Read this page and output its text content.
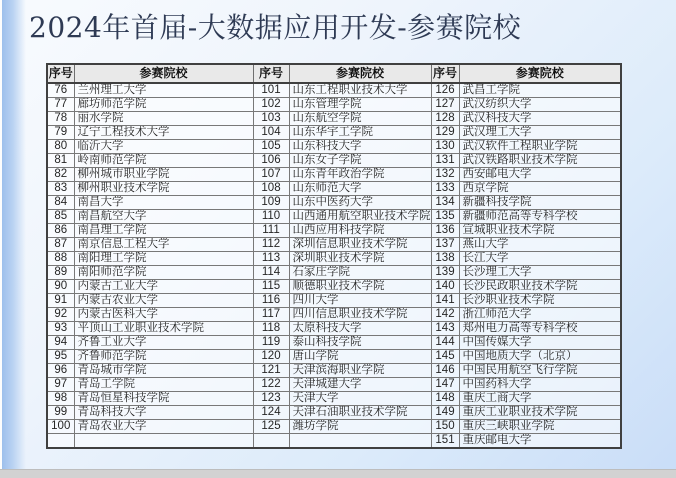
2024年首届-大数据应用开发-参赛院校
序号	参赛院校	序号	参赛院校	序号	参赛院校
76	兰州理工大学	101	山东工程职业技术大学	126	武昌工学院
77	廊坊师范学院	102	山东管理学院	127	武汉纺织大学
78	丽水学院	103	山东航空学院	128	武汉科技大学
79	辽宁工程技术大学	104	山东华宇工学院	129	武汉理工大学
80	临沂大学	105	山东科技大学	130	武汉软件工程职业学院
81	岭南师范学院	106	山东女子学院	131	武汉铁路职业技术学院
82	柳州城市职业学院	107	山东青年政治学院	132	西安邮电大学
83	柳州职业技术学院	108	山东师范大学	133	西京学院
84	南昌大学	109	山东中医药大学	134	新疆科技学院
85	南昌航空大学	110	山西通用航空职业技术学院	135	新疆师范高等专科学校
86	南昌理工学院	111	山西应用科技学院	136	宣城职业技术学院
87	南京信息工程大学	112	深圳信息职业技术学院	137	燕山大学
88	南阳理工学院	113	深圳职业技术学院	138	长江大学
89	南阳师范学院	114	石家庄学院	139	长沙理工大学
90	内蒙古工业大学	115	顺德职业技术学院	140	长沙民政职业技术学院
91	内蒙古农业大学	116	四川大学	141	长沙职业技术学院
92	内蒙古医科大学	117	四川信息职业技术学院	142	浙江师范大学
93	平顶山工业职业技术学院	118	太原科技大学	143	郑州电力高等专科学校
94	齐鲁工业大学	119	泰山科技学院	144	中国传媒大学
95	齐鲁师范学院	120	唐山学院	145	中国地质大学（北京）
96	青岛城市学院	121	天津滨海职业学院	146	中国民用航空飞行学院
97	青岛工学院	122	天津城建大学	147	中国药科大学
98	青岛恒星科技学院	123	天津大学	148	重庆工商大学
99	青岛科技大学	124	天津石油职业技术学院	149	重庆工业职业技术学院
100	青岛农业大学	125	潍坊学院	150	重庆三峡职业学院
				151	重庆邮电大学
